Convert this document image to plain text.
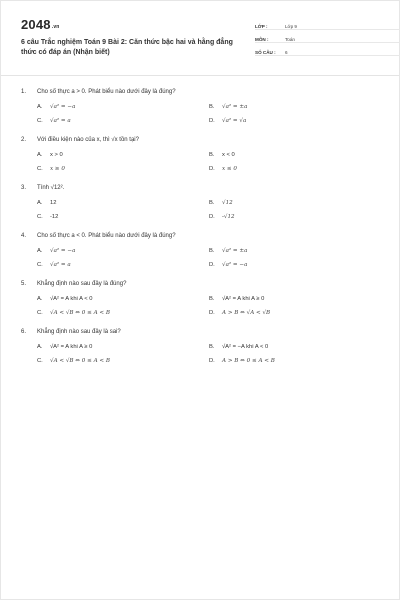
$2048^{.vn}$
6 câu Trắc nghiệm Toán 9 Bài 2: Căn thức bậc hai và hằng đẳng thức có đáp án (Nhận biết)
LỚP :	Lớp 9
MÔN :	Toán
SỐ CÂU :	6
1. Cho số thực a > 0. Phát biểu nào dưới đây là đúng?
A.	√a² = −a	B.	√a² = ±a
C.	√a² = a	D.	√a² = √a
2. Với điều kiện nào của x, thì √x tồn tại?
A.	x > 0	B.	x < 0
C.	x ≥ 0	D.	x ≤ 0
3. Tính √12².
A.	12	B.	√12
C.	-12	D.	-√12
4. Cho số thực a < 0. Phát biểu nào dưới đây là đúng?
A.	√a² = −a	B.	√a² = ±a
C.	√a² = a	D.	√a² = −a
5. Khẳng định nào sau đây là đúng?
A.	√A² = A khi A < 0	B.	√A² = A khi A ≥ 0
C.	√A < √B ⇔ 0 ≤ A < B	D.	A > B ⇔ √A < √B
6. Khẳng định nào sau đây là sai?
A.	√A² = A khi A ≥ 0	B.	√A² = −A khi A < 0
C.	√A < √B ⇔ 0 ≤ A < B	D.	A > B ⇔ 0 ≤ A < B
